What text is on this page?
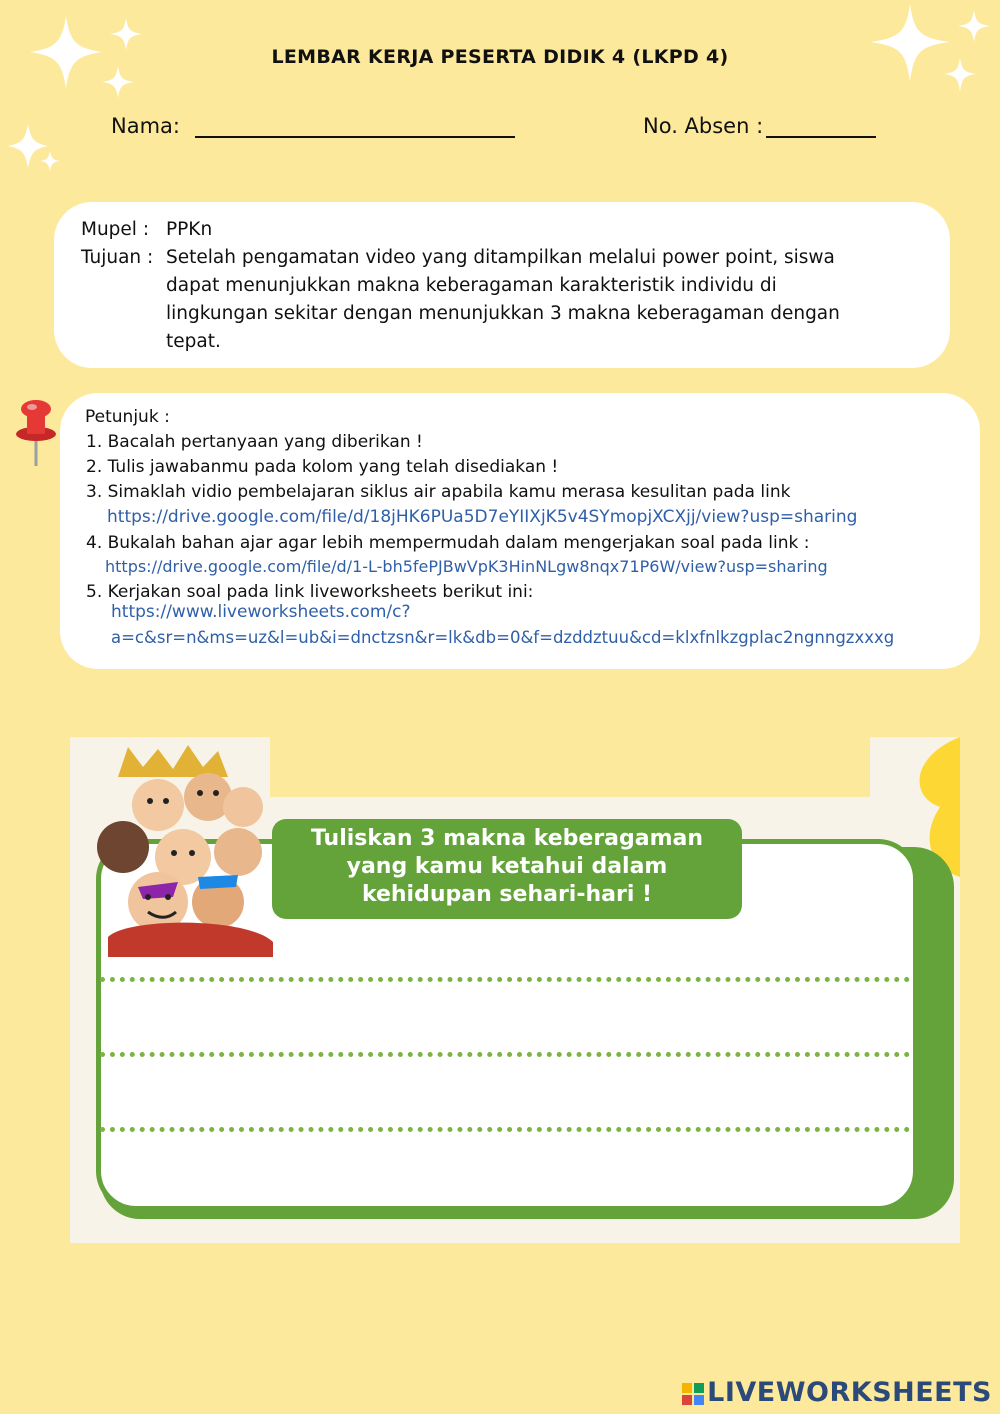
LEMBAR KERJA PESERTA DIDIK 4 (LKPD 4)
Nama:	No. Absen :
Mupel : PPKn
Tujuan : Setelah pengamatan video yang ditampilkan melalui power point, siswa
dapat menunjukkan makna keberagaman karakteristik individu di
lingkungan sekitar dengan menunjukkan 3 makna keberagaman dengan
tepat.
Petunjuk :
1. Bacalah pertanyaan yang diberikan !
2. Tulis jawabanmu pada kolom yang telah disediakan !
3. Simaklah vidio pembelajaran siklus air apabila kamu merasa kesulitan pada link
https://drive.google.com/file/d/18jHK6PUa5D7eYIIXjK5v4SYmopjXCXjj/view?usp=sharing
4. Bukalah bahan ajar agar lebih mempermudah dalam mengerjakan soal pada link :
https://drive.google.com/file/d/1-L-bh5fePJBwVpK3HinNLgw8nqx71P6W/view?usp=sharing
5. Kerjakan soal pada link liveworksheets berikut ini:
https://www.liveworksheets.com/c?
a=c&sr=n&ms=uz&l=ub&i=dnctzsn&r=lk&db=0&f=dzddztuu&cd=klxfnlkzgplac2ngnngzxxxg
Tuliskan 3 makna keberagaman
yang kamu ketahui dalam
kehidupan sehari-hari !
LIVEWORKSHEETS
